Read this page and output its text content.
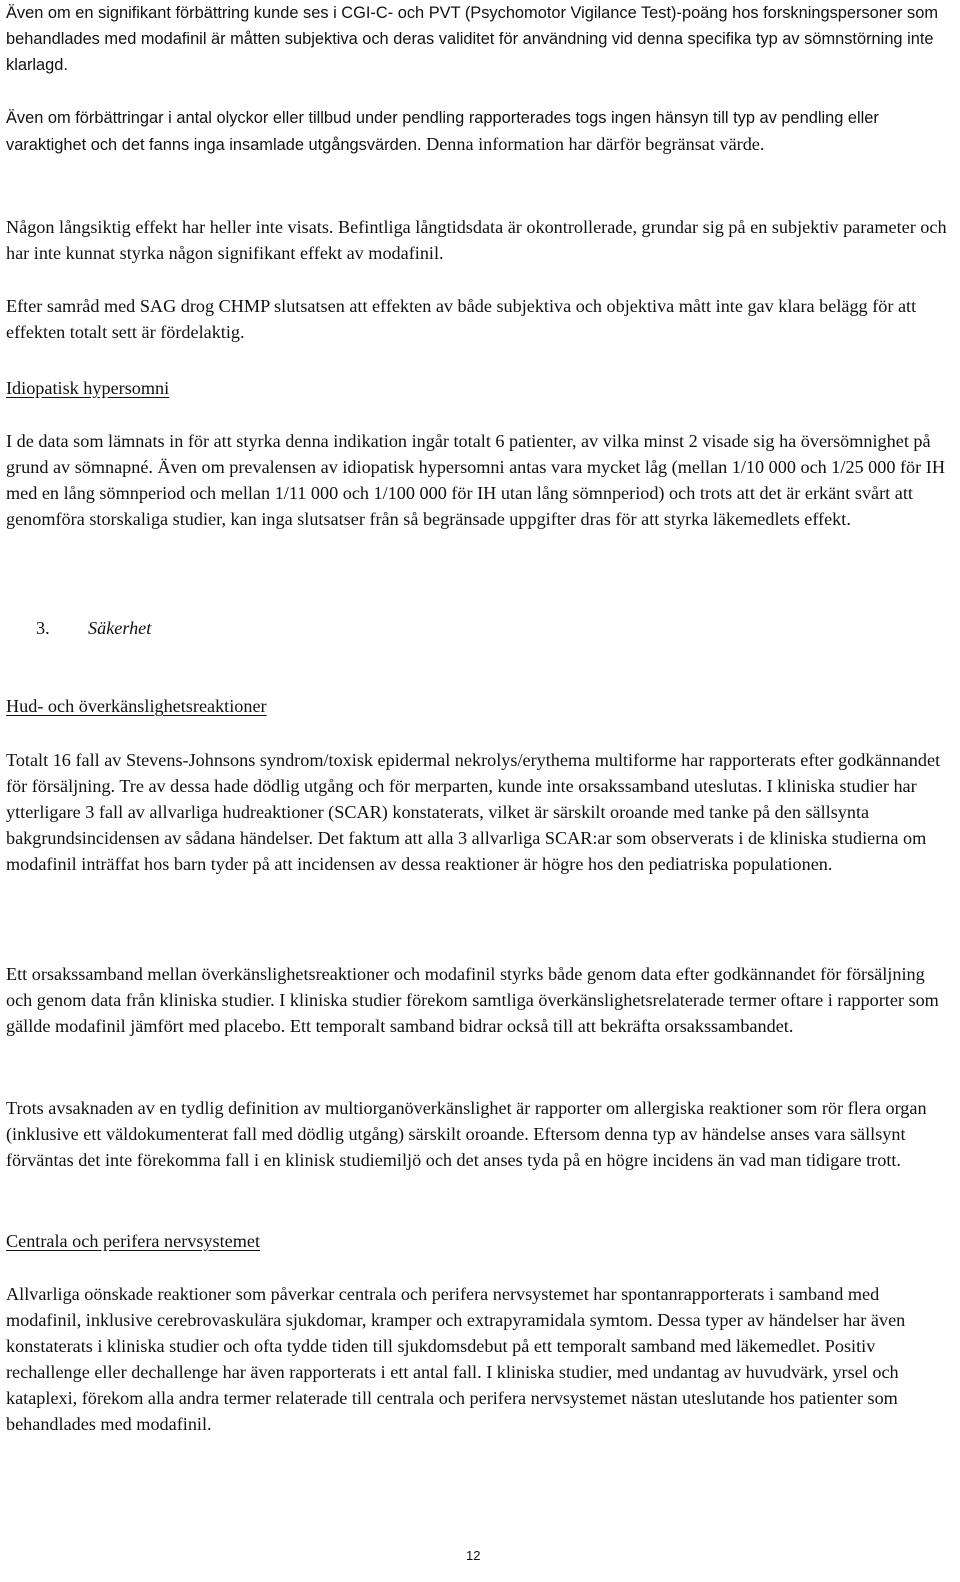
Även om en signifikant förbättring kunde ses i CGI-C- och PVT (Psychomotor Vigilance Test)-poäng hos forskningspersoner som behandlades med modafinil är måtten subjektiva och deras validitet för användning vid denna specifika typ av sömnstörning inte klarlagd.

Även om förbättringar i antal olyckor eller tillbud under pendling rapporterades togs ingen hänsyn till typ av pendling eller varaktighet och det fanns inga insamlade utgångsvärden. Denna information har därför begränsat värde.

Någon långsiktig effekt har heller inte visats. Befintliga långtidsdata är okontrollerade, grundar sig på en subjektiv parameter och har inte kunnat styrka någon signifikant effekt av modafinil.

Efter samråd med SAG drog CHMP slutsatsen att effekten av både subjektiva och objektiva mått inte gav klara belägg för att effekten totalt sett är fördelaktig.

Idiopatisk hypersomni

I de data som lämnats in för att styrka denna indikation ingår totalt 6 patienter, av vilka minst 2 visade sig ha översömnighet på grund av sömnapné. Även om prevalensen av idiopatisk hypersomni antas vara mycket låg (mellan 1/10 000 och 1/25 000 för IH med en lång sömnperiod och mellan 1/11 000 och 1/100 000 för IH utan lång sömnperiod) och trots att det är erkänt svårt att genomföra storskaliga studier, kan inga slutsatser från så begränsade uppgifter dras för att styrka läkemedlets effekt.

3. Säkerhet

Hud- och överkänslighetsreaktioner

Totalt 16 fall av Stevens-Johnsons syndrom/toxisk epidermal nekrolys/erythema multiforme har rapporterats efter godkännandet för försäljning. Tre av dessa hade dödlig utgång och för merparten, kunde inte orsakssamband uteslutas. I kliniska studier har ytterligare 3 fall av allvarliga hudreaktioner (SCAR) konstaterats, vilket är särskilt oroande med tanke på den sällsynta bakgrundsincidensen av sådana händelser. Det faktum att alla 3 allvarliga SCAR:ar som observerats i de kliniska studierna om modafinil inträffat hos barn tyder på att incidensen av dessa reaktioner är högre hos den pediatriska populationen.

Ett orsakssamband mellan överkänslighetsreaktioner och modafinil styrks både genom data efter godkännandet för försäljning och genom data från kliniska studier. I kliniska studier förekom samtliga överkänslighetsrelaterade termer oftare i rapporter som gällde modafinil jämfört med placebo. Ett temporalt samband bidrar också till att bekräfta orsakssambandet.

Trots avsaknaden av en tydlig definition av multiorganöverkänslighet är rapporter om allergiska reaktioner som rör flera organ (inklusive ett väldokumenterat fall med dödlig utgång) särskilt oroande. Eftersom denna typ av händelse anses vara sällsynt förväntas det inte förekomma fall i en klinisk studiemiljö och det anses tyda på en högre incidens än vad man tidigare trott.

Centrala och perifera nervsystemet

Allvarliga oönskade reaktioner som påverkar centrala och perifera nervsystemet har spontanrapporterats i samband med modafinil, inklusive cerebrovaskulära sjukdomar, kramper och extrapyramidala symtom. Dessa typer av händelser har även konstaterats i kliniska studier och ofta tydde tiden till sjukdomsdebut på ett temporalt samband med läkemedlet. Positiv rechallenge eller dechallenge har även rapporterats i ett antal fall. I kliniska studier, med undantag av huvudvärk, yrsel och kataplexi, förekom alla andra termer relaterade till centrala och perifera nervsystemet nästan uteslutande hos patienter som behandlades med modafinil.

12
